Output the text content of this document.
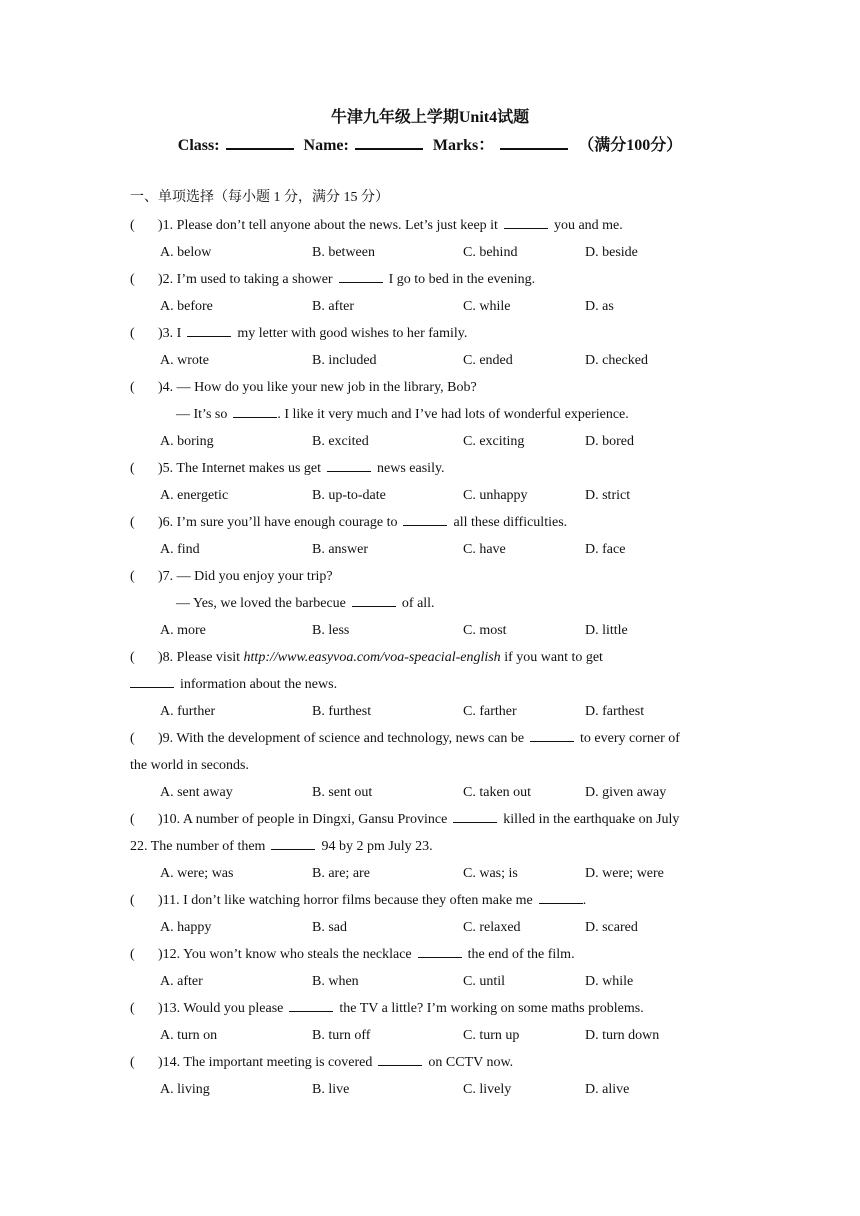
牛津九年级上学期Unit4试题
Class:	Name:	Marks：	（满分100分）
一、单项选择（每小题 1 分，满分 15 分）
( )1. Please don’t tell anyone about the news. Let’s just keep it	you and me.
A. below	B. between	C. behind	D. beside
( )2. I’m used to taking a shower	I go to bed in the evening.
A. before	B. after	C. while	D. as
( )3. I	my letter with good wishes to her family.
A. wrote	B. included	C. ended	D. checked
( )4. — How do you like your new job in the library, Bob?
— It’s so	. I like it very much and I’ve had lots of wonderful experience.
A. boring	B. excited	C. exciting	D. bored
( )5. The Internet makes us get	news easily.
A. energetic	B. up-to-date	C. unhappy	D. strict
( )6. I’m sure you’ll have enough courage to	all these difficulties.
A. find	B. answer	C. have	D. face
( )7. — Did you enjoy your trip?
— Yes, we loved the barbecue	of all.
A. more	B. less	C. most	D. little
( )8. Please visit http://www.easyvoa.com/voa-speacial-english if you want to get
information about the news.
A. further	B. furthest	C. farther	D. farthest
( )9. With the development of science and technology, news can be	to every corner of
the world in seconds.
A. sent away	B. sent out	C. taken out	D. given away
( )10. A number of people in Dingxi, Gansu Province	killed in the earthquake on July
22. The number of them	94 by 2 pm July 23.
A. were; was	B. are; are	C. was; is	D. were; were
( )11. I don’t like watching horror films because they often make me	.
A. happy	B. sad	C. relaxed	D. scared
( )12. You won’t know who steals the necklace	the end of the film.
A. after	B. when	C. until	D. while
( )13. Would you please	the TV a little? I’m working on some maths problems.
A. turn on	B. turn off	C. turn up	D. turn down
( )14. The important meeting is covered	on CCTV now.
A. living	B. live	C. lively	D. alive
